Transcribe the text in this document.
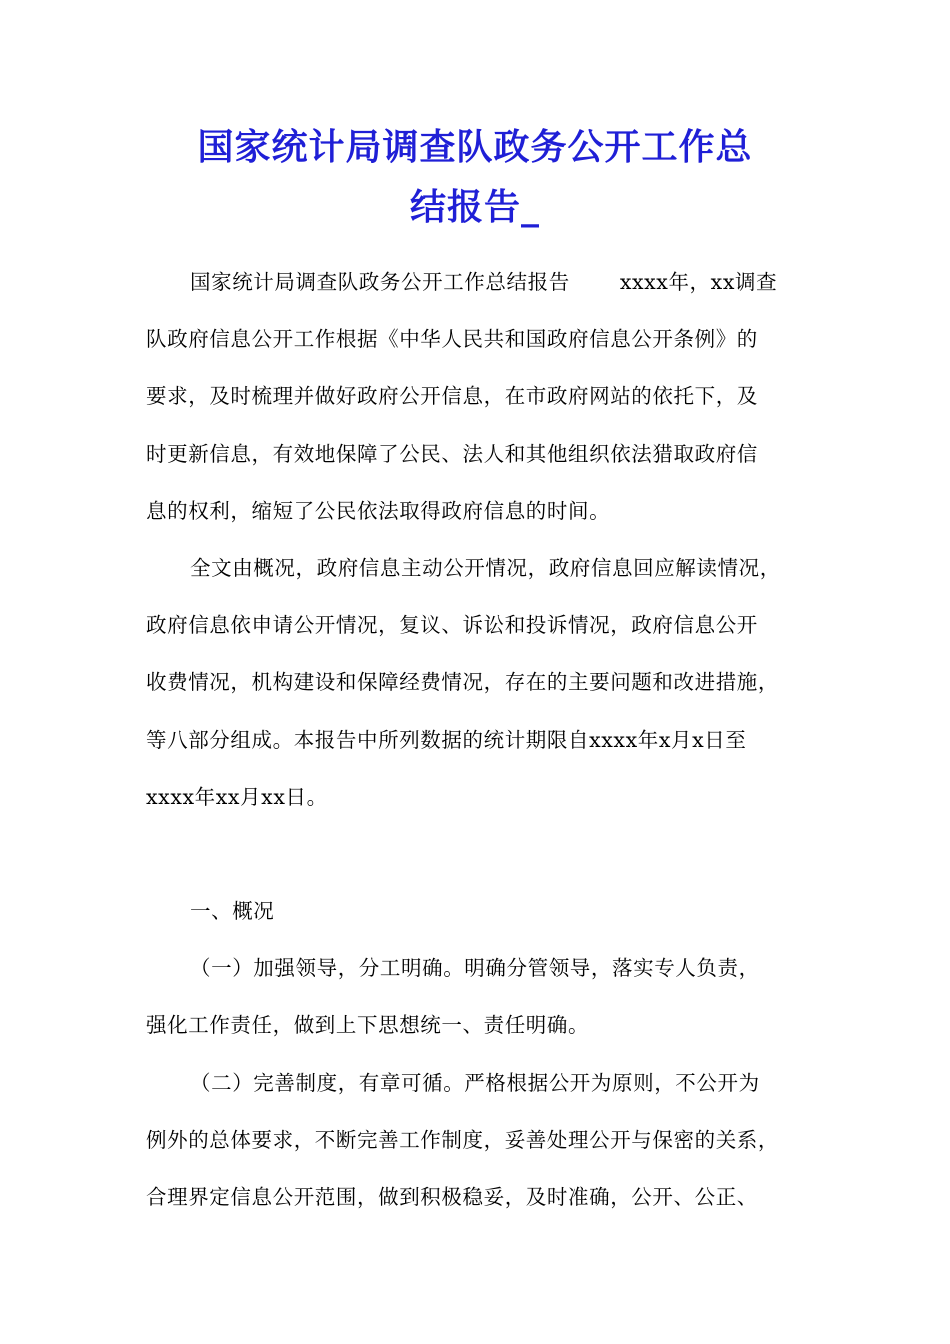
国家统计局调查队政务公开工作总
结报告_

国家统计局调查队政务公开工作总结报告 xxxx年，xx调查
队政府信息公开工作根据《中华人民共和国政府信息公开条例》的
要求，及时梳理并做好政府公开信息，在市政府网站的依托下，及
时更新信息，有效地保障了公民、法人和其他组织依法猎取政府信
息的权利，缩短了公民依法取得政府信息的时间。

全文由概况，政府信息主动公开情况，政府信息回应解读情况，
政府信息依申请公开情况，复议、诉讼和投诉情况，政府信息公开
收费情况，机构建设和保障经费情况，存在的主要问题和改进措施，
等八部分组成。本报告中所列数据的统计期限自xxxx年x月x日至
xxxx年xx月xx日。

一、概况

（一）加强领导，分工明确。明确分管领导，落实专人负责，
强化工作责任，做到上下思想统一、责任明确。

（二）完善制度，有章可循。严格根据公开为原则，不公开为
例外的总体要求，不断完善工作制度，妥善处理公开与保密的关系，
合理界定信息公开范围，做到积极稳妥，及时准确，公开、公正、
